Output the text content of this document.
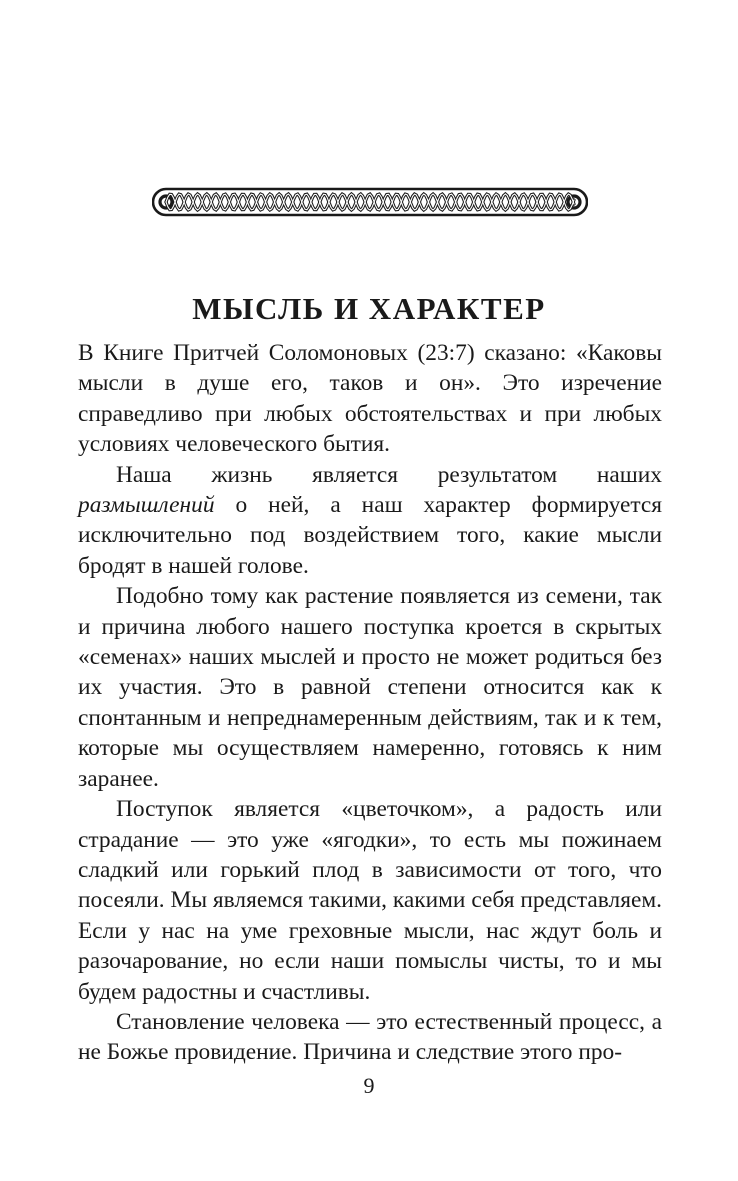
МЫСЛЬ И ХАРАКТЕР

В Книге Притчей Соломоновых (23:7) сказано: «Каковы мысли в душе его, таков и он». Это изречение справедливо при любых обстоятельствах и при любых условиях человеческого бытия.

Наша жизнь является результатом наших размышлений о ней, а наш характер формируется исключительно под воздействием того, какие мысли бродят в нашей голове.

Подобно тому как растение появляется из семени, так и причина любого нашего поступка кроется в скрытых «семенах» наших мыслей и просто не может родиться без их участия. Это в равной степени относится как к спонтанным и непреднамеренным действиям, так и к тем, которые мы осуществляем намеренно, готовясь к ним заранее.

Поступок является «цветочком», а радость или страдание — это уже «ягодки», то есть мы пожинаем сладкий или горький плод в зависимости от того, что посеяли. Мы являемся такими, какими себя представляем. Если у нас на уме греховные мысли, нас ждут боль и разочарование, но если наши помыслы чисты, то и мы будем радостны и счастливы.

Становление человека — это естественный процесс, а не Божье провидение. Причина и следствие этого про-

9
